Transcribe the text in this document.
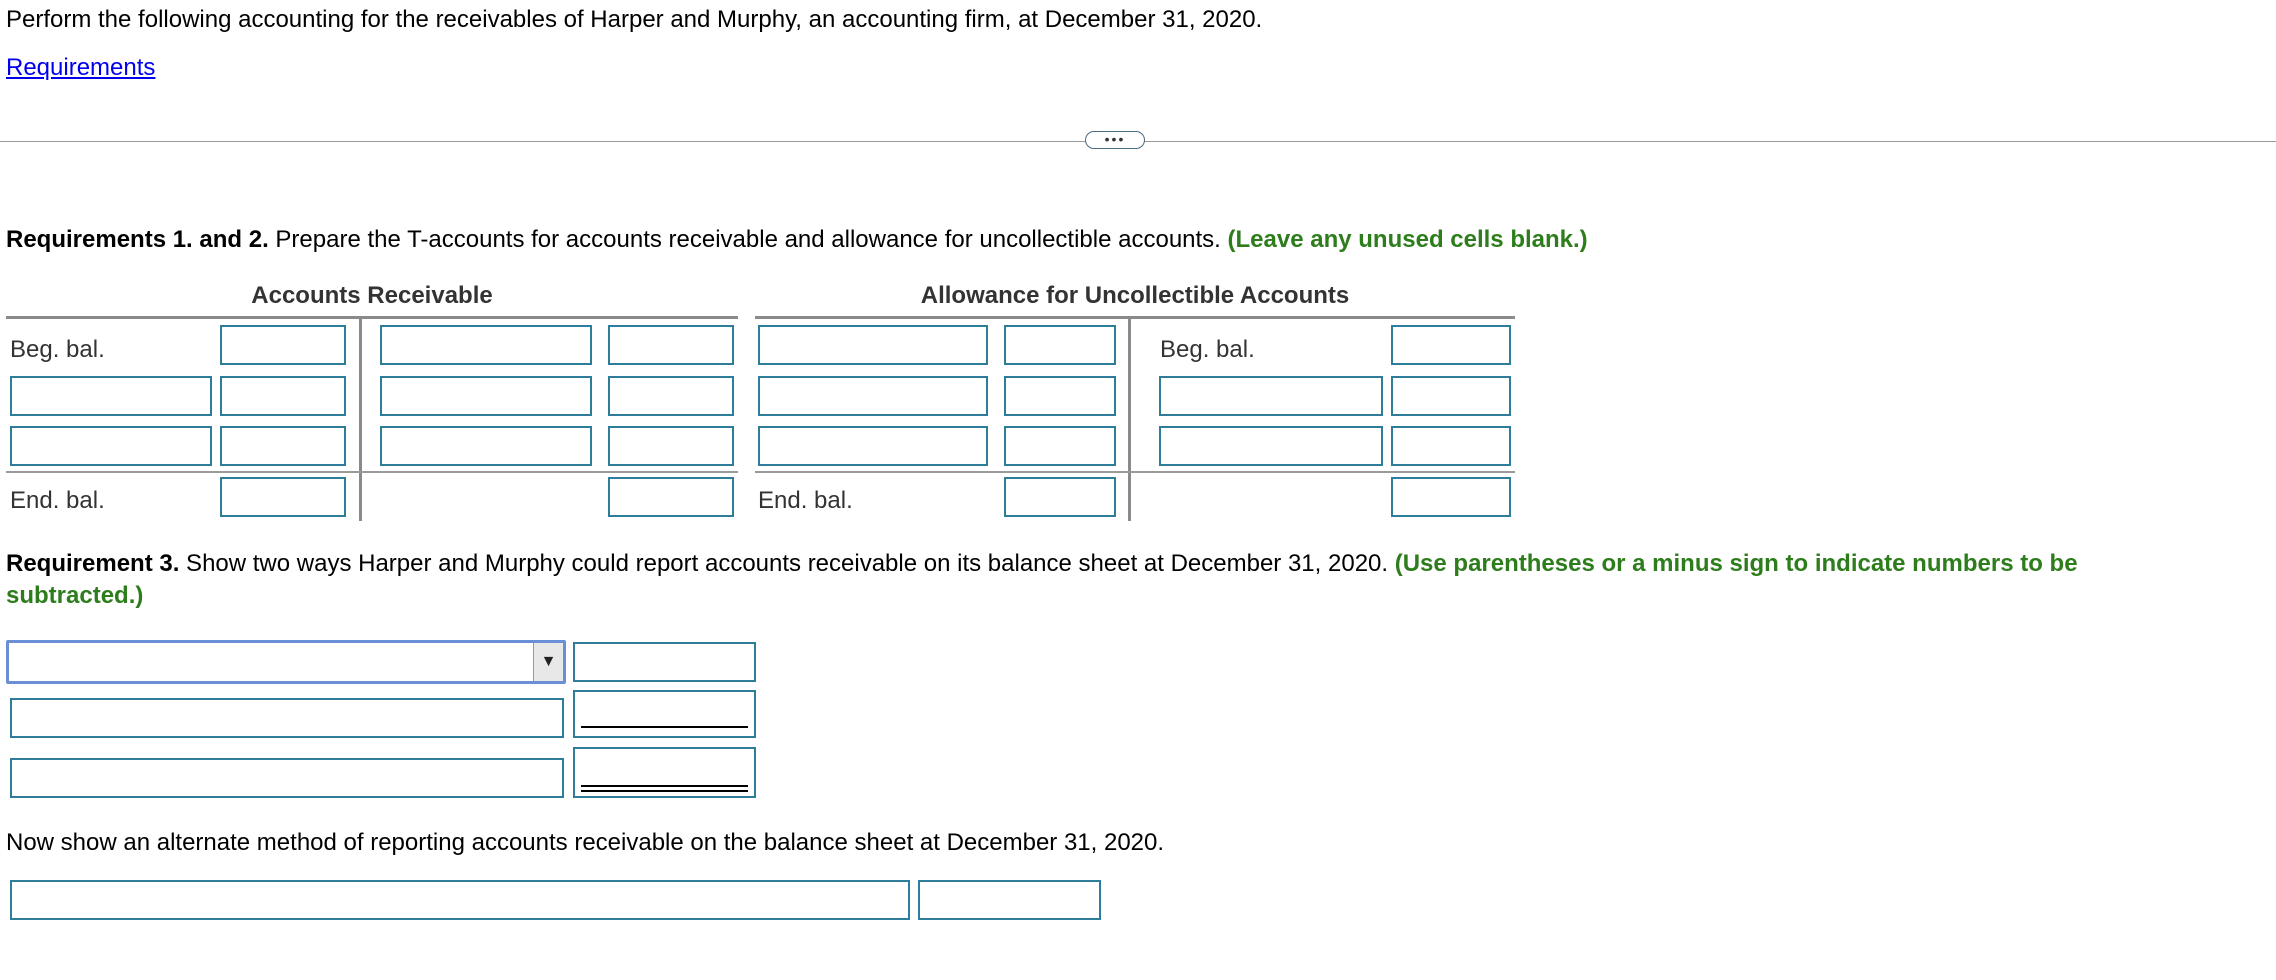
Perform the following accounting for the receivables of Harper and Murphy, an accounting firm, at December 31, 2020.
Requirements
•••
Requirements 1. and 2. Prepare the T-accounts for accounts receivable and allowance for uncollectible accounts. (Leave any unused cells blank.)
Accounts Receivable	Allowance for Uncollectible Accounts
Beg. bal.
End. bal.
Beg. bal.
End. bal.
Requirement 3. Show two ways Harper and Murphy could report accounts receivable on its balance sheet at December 31, 2020. (Use parentheses or a minus sign to indicate numbers to be
subtracted.)
▼
Now show an alternate method of reporting accounts receivable on the balance sheet at December 31, 2020.
